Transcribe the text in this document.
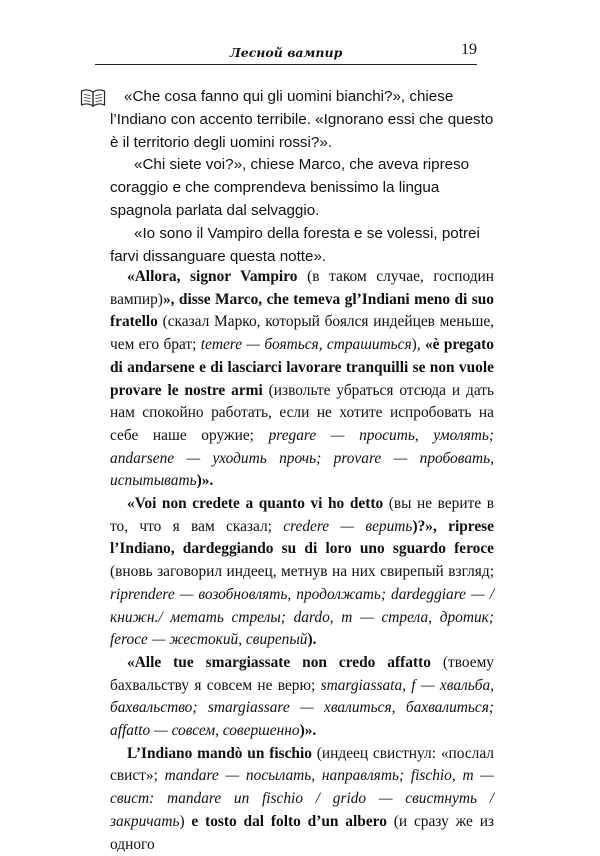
Лесной вампир	19

«Che cosa fanno qui gli uomini bianchi?», chiese l’Indiano con accento terribile. «Ignorano essi che questo è il territorio degli uomini rossi?».

«Chi siete voi?», chiese Marco, che aveva ripreso coraggio e che comprendeva benissimo la lingua spagnola parlata dal selvaggio.

«Io sono il Vampiro della foresta e se volessi, potrei farvi dissanguare questa notte».

«Allora, signor Vampiro (в таком случае, господин вампир)», disse Marco, che temeva gl’Indiani meno di suo fratello (сказал Марко, который боялся индейцев меньше, чем его брат; temere — бояться, страшиться), «è pregato di andarsene e di lasciarci lavorare tranquilli se non vuole provare le nostre armi (извольте убраться отсюда и дать нам спокойно работать, если не хотите испробовать на себе наше оружие; pregare — просить, умолять; andarsene — уходить прочь; provare — пробовать, испытывать)».

«Voi non credete a quanto vi ho detto (вы не верите в то, что я вам сказал; credere — верить)?», riprese l’Indiano, dardeggiando su di loro uno sguardo feroce (вновь заговорил индеец, метнув на них свирепый взгляд; riprendere — возобновлять, продолжать; dardeggiare — /книжн./ метать стрелы; dardo, m — стрела, дротик; feroce — жестокий, свирепый).

«Alle tue smargiassate non credo affatto (твоему бахвальству я совсем не верю; smargiassata, f — хвальба, бахвальство; smargiassare — хвалиться, бахвалиться; affatto — совсем, совершенно)».

L’Indiano mandò un fischio (индеец свистнул: «послал свист»; mandare — посылать, направлять; fischio, m — свист: mandare un fischio / grido — свистнуть / закричать) e tosto dal folto d’un albero (и сразу же из одного
